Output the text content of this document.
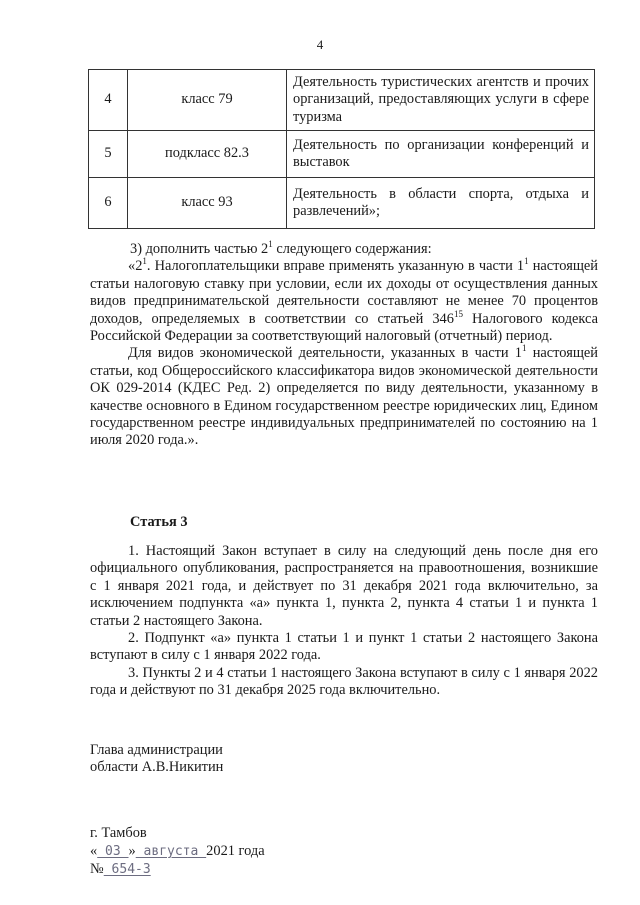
4
4	класс 79	Деятельность туристических агентств и прочих организаций, предоставляющих услуги в сфере туризма
5	подкласс 82.3	Деятельность по организации конференций и выставок
6	класс 93	Деятельность в области спорта, отдыха и развлечений»;

3) дополнить частью $2^1$ следующего содержания:

«$2^1$. Налогоплательщики вправе применять указанную в части $1^1$ настоящей статьи налоговую ставку при условии, если их доходы от осуществления данных видов предпринимательской деятельности составляют не менее 70 процентов доходов, определяемых в соответствии со статьей $346^{15}$ Налогового кодекса Российской Федерации за соответствующий налоговый (отчетный) период.

Для видов экономической деятельности, указанных в части $1^1$ настоящей статьи, код Общероссийского классификатора видов экономической деятельности ОК 029-2014 (КДЕС Ред. 2) определяется по виду деятельности, указанному в качестве основного в Едином государственном реестре юридических лиц, Едином государственном реестре индивидуальных предпринимателей по состоянию на 1 июля 2020 года.».

Статья 3

1. Настоящий Закон вступает в силу на следующий день после дня его официального опубликования, распространяется на правоотношения, возникшие с 1 января 2021 года, и действует по 31 декабря 2021 года включительно, за исключением подпункта «а» пункта 1, пункта 2, пункта 4 статьи 1 и пункта 1 статьи 2 настоящего Закона.

2. Подпункт «а» пункта 1 статьи 1 и пункт 1 статьи 2 настоящего Закона вступают в силу с 1 января 2022 года.

3. Пункты 2 и 4 статьи 1 настоящего Закона вступают в силу с 1 января 2022 года и действуют по 31 декабря 2025 года включительно.

Глава администрации
области А.В.Никитин
г. Тамбов
« 03 » августа 2021 года
№ 654-3
